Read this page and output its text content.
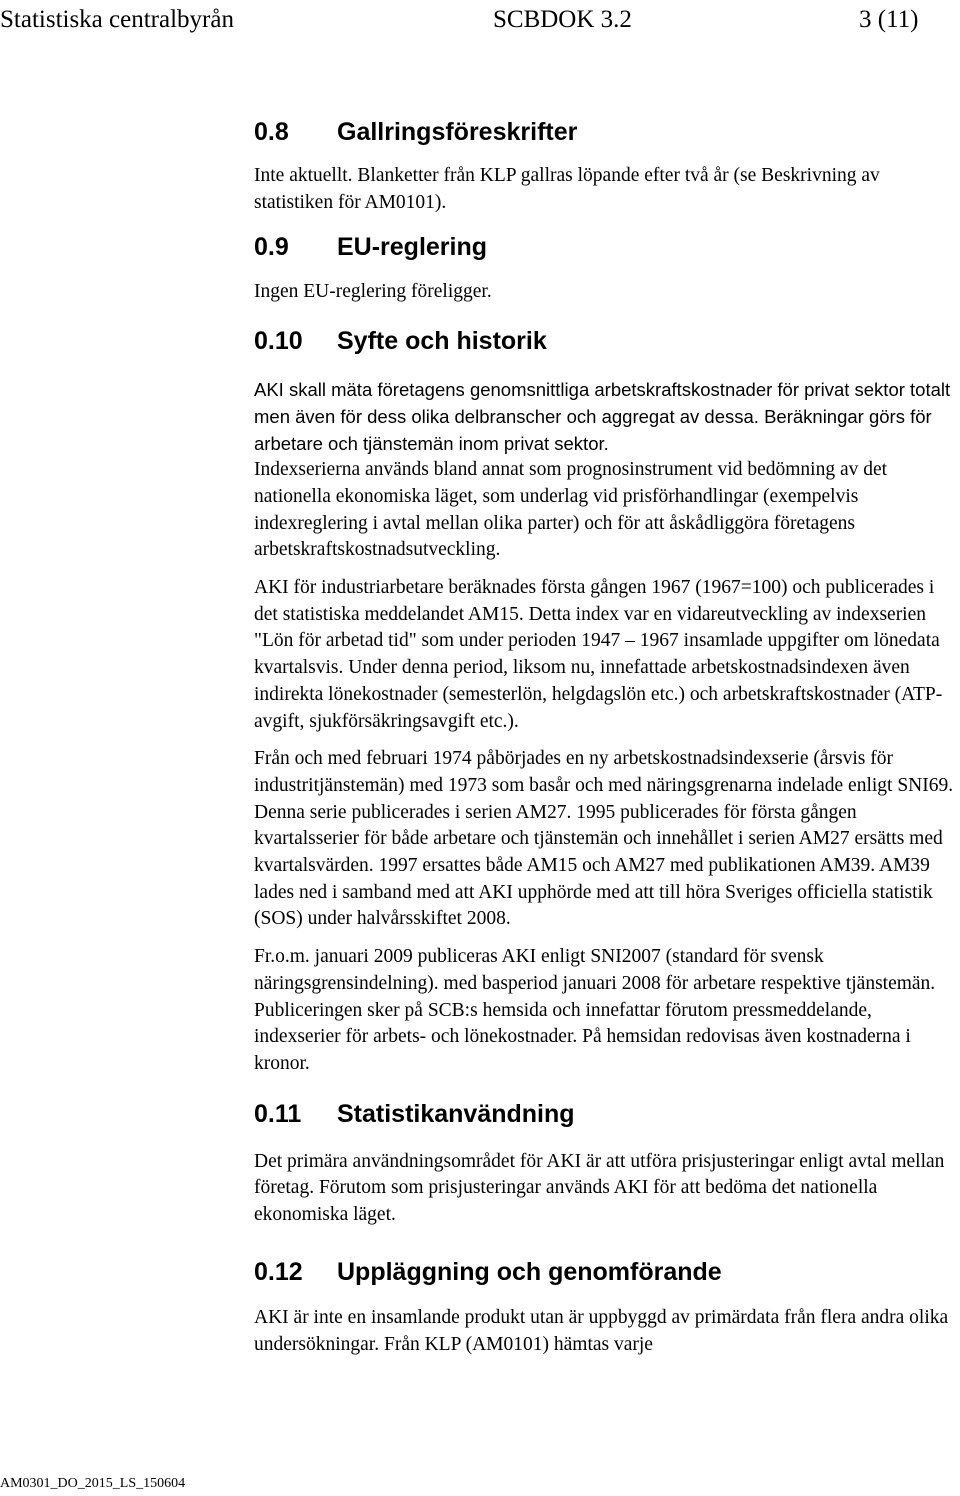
Statistiska centralbyrån	SCBDOK 3.2	3 (11)
0.8 Gallringsföreskrifter

Inte aktuellt. Blanketter från KLP gallras löpande efter två år (se Beskrivning av statistiken för AM0101).

0.9 EU-reglering

Ingen EU-reglering föreligger.

0.10 Syfte och historik

AKI skall mäta företagens genomsnittliga arbetskraftskostnader för privat sektor totalt men även för dess olika delbranscher och aggregat av dessa. Beräkningar görs för arbetare och tjänstemän inom privat sektor.

Indexserierna används bland annat som prognosinstrument vid bedömning av det nationella ekonomiska läget, som underlag vid prisförhandlingar (exempelvis indexreglering i avtal mellan olika parter) och för att åskådliggöra företagens arbetskraftskostnadsutveckling.

AKI för industriarbetare beräknades första gången 1967 (1967=100) och publicerades i det statistiska meddelandet AM15. Detta index var en vidareutveckling av indexserien "Lön för arbetad tid" som under perioden 1947 – 1967 insamlade uppgifter om lönedata kvartalsvis. Under denna period, liksom nu, innefattade arbetskostnadsindexen även indirekta lönekostnader (semesterlön, helgdagslön etc.) och arbetskraftskostnader (ATP-avgift, sjukförsäkringsavgift etc.).

Från och med februari 1974 påbörjades en ny arbetskostnadsindexserie (årsvis för industritjänstemän) med 1973 som basår och med näringsgrenarna indelade enligt SNI69. Denna serie publicerades i serien AM27. 1995 publicerades för första gången kvartalsserier för både arbetare och tjänstemän och innehållet i serien AM27 ersätts med kvartalsvärden. 1997 ersattes både AM15 och AM27 med publikationen AM39. AM39 lades ned i samband med att AKI upphörde med att till höra Sveriges officiella statistik (SOS) under halvårsskiftet 2008.

Fr.o.m. januari 2009 publiceras AKI enligt SNI2007 (standard för svensk näringsgrensindelning). med basperiod januari 2008 för arbetare respektive tjänstemän. Publiceringen sker på SCB:s hemsida och innefattar förutom pressmeddelande, indexserier för arbets- och lönekostnader. På hemsidan redovisas även kostnaderna i kronor.

0.11 Statistikanvändning

Det primära användningsområdet för AKI är att utföra prisjusteringar enligt avtal mellan företag. Förutom som prisjusteringar används AKI för att bedöma det nationella ekonomiska läget.

0.12 Uppläggning och genomförande

AKI är inte en insamlande produkt utan är uppbyggd av primärdata från flera andra olika undersökningar. Från KLP (AM0101) hämtas varje

AM0301_DO_2015_LS_150604
